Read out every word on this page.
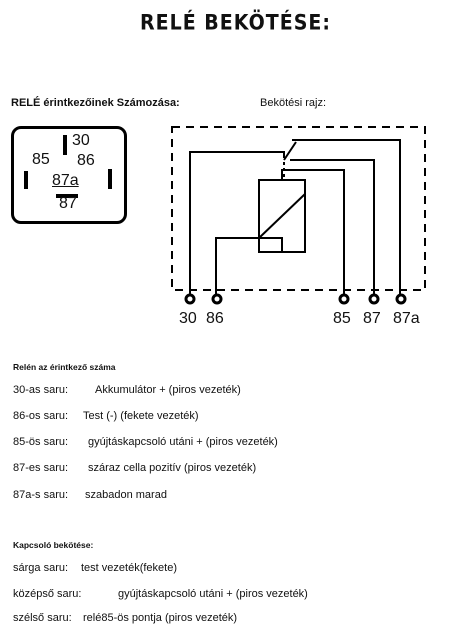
RELÉ BEKÖTÉSE:
RELÉ érintkezőinek Számozása:	Bekötési rajz:
30
85 86
87a
87
30 86	85 87 87a
Relén az érintkező száma
30-as saru: Akkumulátor + (piros vezeték)
86-os saru: Test (-) (fekete vezeték)
85-ös saru: gyújtáskapcsoló utáni + (piros vezeték)
87-es saru: száraz cella pozitív (piros vezeték)
87a-s saru: szabadon marad
Kapcsoló bekötése:
sárga saru: test vezeték(fekete)
középső saru:	gyújtáskapcsoló utáni + (piros vezeték)
szélső saru: relé85-ös pontja (piros vezeték)
